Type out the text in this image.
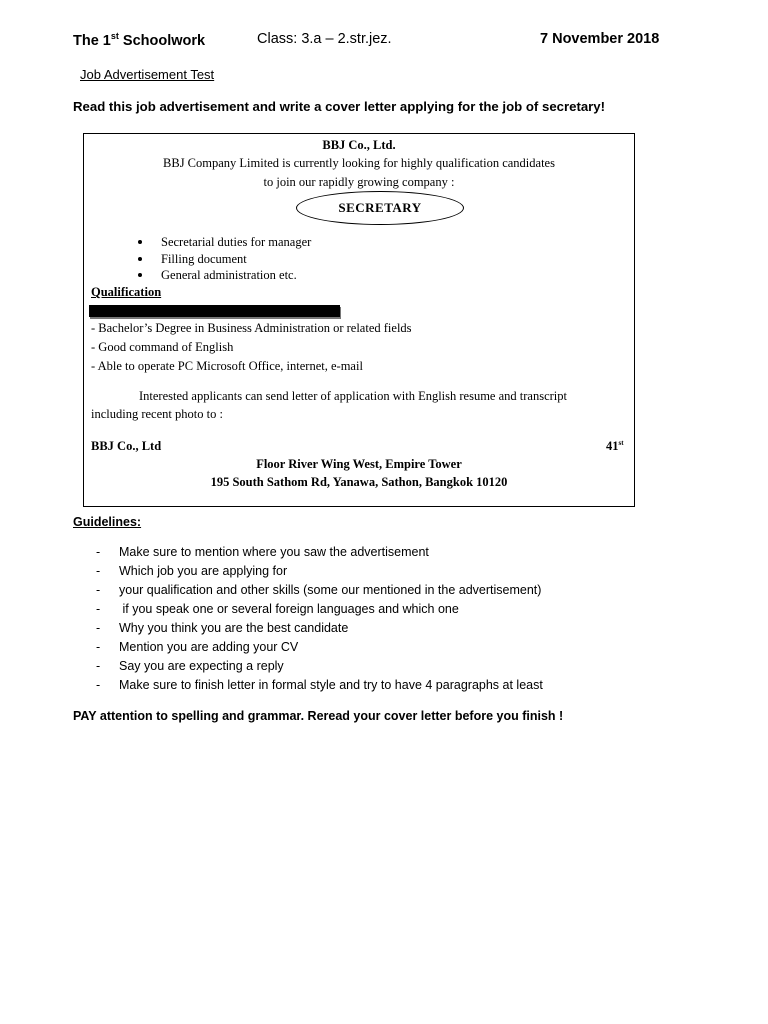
The 1st Schoolwork	Class: 3.a – 2.str.jez.	7 November 2018
Job Advertisement Test
Read this job advertisement and write a cover letter applying for the job of secretary!
BBJ Co., Ltd.
BBJ Company Limited is currently looking for highly qualification candidates
to join our rapidly growing company :
SECRETARY
Secretarial duties for manager
Filling document
General administration etc.
Qualification
- Bachelor’s Degree in Business Administration or related fields
- Good command of English
- Able to operate PC Microsoft Office, internet, e-mail
Interested applicants can send letter of application with English resume and transcript
including recent photo to :
BBJ Co., Ltd	41st
Floor River Wing West, Empire Tower
195 South Sathom Rd, Yanawa, Sathon, Bangkok 10120
Guidelines:
- Make sure to mention where you saw the advertisement
- Which job you are applying for
- your qualification and other skills (some our mentioned in the advertisement)
- if you speak one or several foreign languages and which one
- Why you think you are the best candidate
- Mention you are adding your CV
- Say you are expecting a reply
- Make sure to finish letter in formal style and try to have 4 paragraphs at least
PAY attention to spelling and grammar. Reread your cover letter before you finish !
